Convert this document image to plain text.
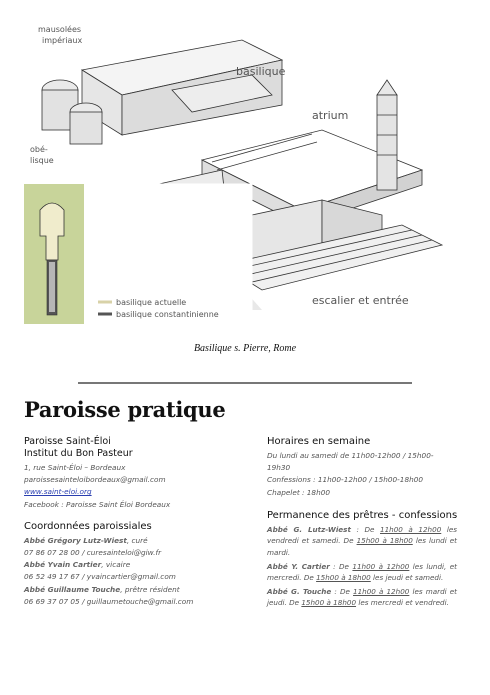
basilique actuelle
basilique constantinienne
mausolées
impériaux
basilique
atrium
obé-
lisque
escalier et entrée
Basilique s. Pierre, Rome
Paroisse pratique
Paroisse Saint-Éloi
Institut du Bon Pasteur
1, rue Saint-Éloi – Bordeaux
paroissesainteloibordeaux@gmail.com
www.saint-eloi.org
Facebook : Paroisse Saint Éloi Bordeaux
Coordonnées paroissiales
Abbé Grégory Lutz-Wiest, curé
07 86 07 28 00 / curesainteloi@giw.fr
Abbé Yvain Cartier, vicaire
06 52 49 17 67 / yvaincartier@gmail.com
Abbé Guillaume Touche, prêtre résident
06 69 37 07 05 / guillaumetouche@gmail.com
Horaires en semaine
Du lundi au samedi de 11h00-12h00 / 15h00-
19h30
Confessions : 11h00-12h00 / 15h00-18h00
Chapelet : 18h00
Permanence des prêtres - confessions
Abbé G. Lutz-Wiest : De 11h00 à 12h00 les vendredi et samedi. De 15h00 à 18h00 les lundi et mardi.
Abbé Y. Cartier : De 11h00 à 12h00 les lundi, et mercredi. De 15h00 à 18h00 les jeudi et samedi.
Abbé G. Touche : De 11h00 à 12h00 les mardi et jeudi. De 15h00 à 18h00 les mercredi et vendredi.
